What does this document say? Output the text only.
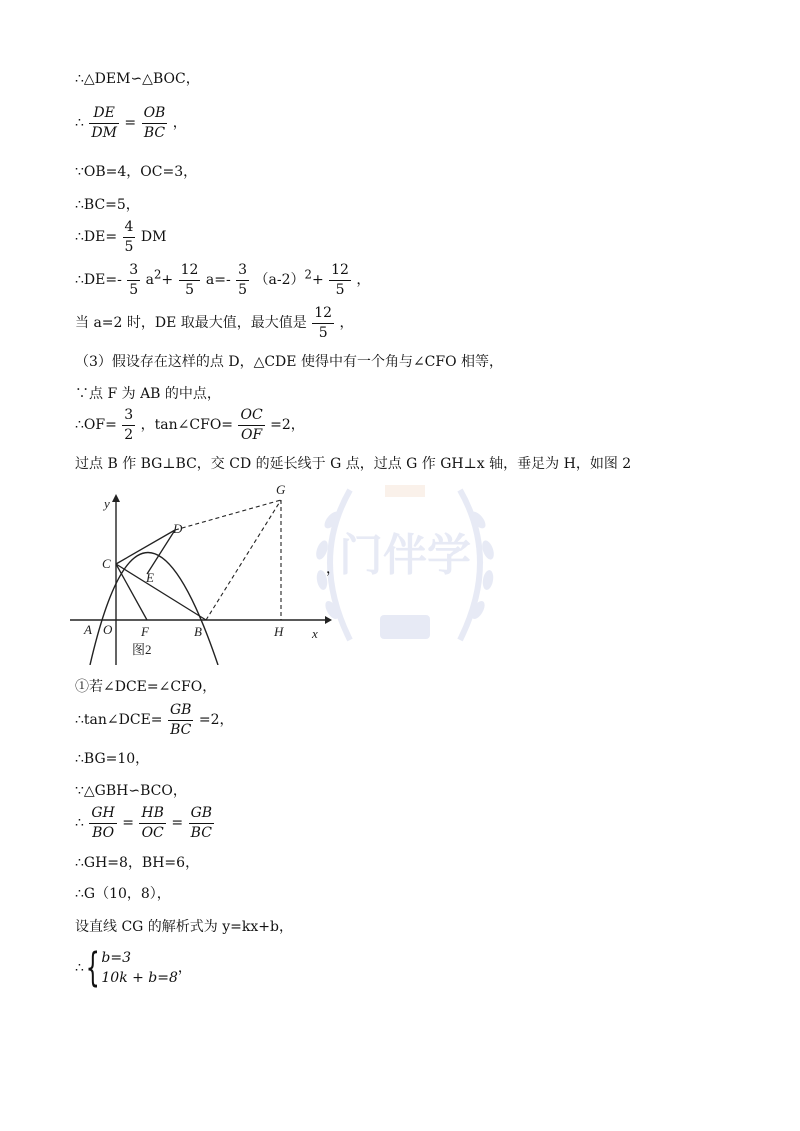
门伴学
∴△DEM∽△BOC，
∴ $\frac{DE}{DM} = \frac{OB}{BC}$ ，
∵OB=4，OC=3，
∴BC=5，
∴DE= $\frac{4}{5}$ DM
∴DE=- $\frac{3}{5} a^2+ \frac{12}{5} a=- \frac{3}{5} (a-2)^2+ \frac{12}{5}$ ，
当 a=2 时，DE 取最大值，最大值是 $\frac{12}{5}$ ，
（3）假设存在这样的点 D，△CDE 使得中有一个角与∠CFO 相等，
∵点 F 为 AB 的中点，
∴OF= $\frac{3}{2}$ ，tan∠CFO= $\frac{OC}{OF} =2$，
过点 B 作 BG⊥BC，交 CD 的延长线于 G 点，过点 G 作 GH⊥x 轴，垂足为 H，如图 2
y
x
G
D
C
E
A O F	B	H
图2
，
①若∠DCE=∠CFO，
∴tan∠DCE= $\frac{GB}{BC} =2$，
∴BG=10，
∵△GBH∽BCO，
∴ $\frac{GH}{BO} = \frac{HB}{OC} = \frac{GB}{BC}$
∴GH=8，BH=6，
∴G（10，8），
设直线 CG 的解析式为 y=kx+b，
∴{ b=3
10k + b=8
，
